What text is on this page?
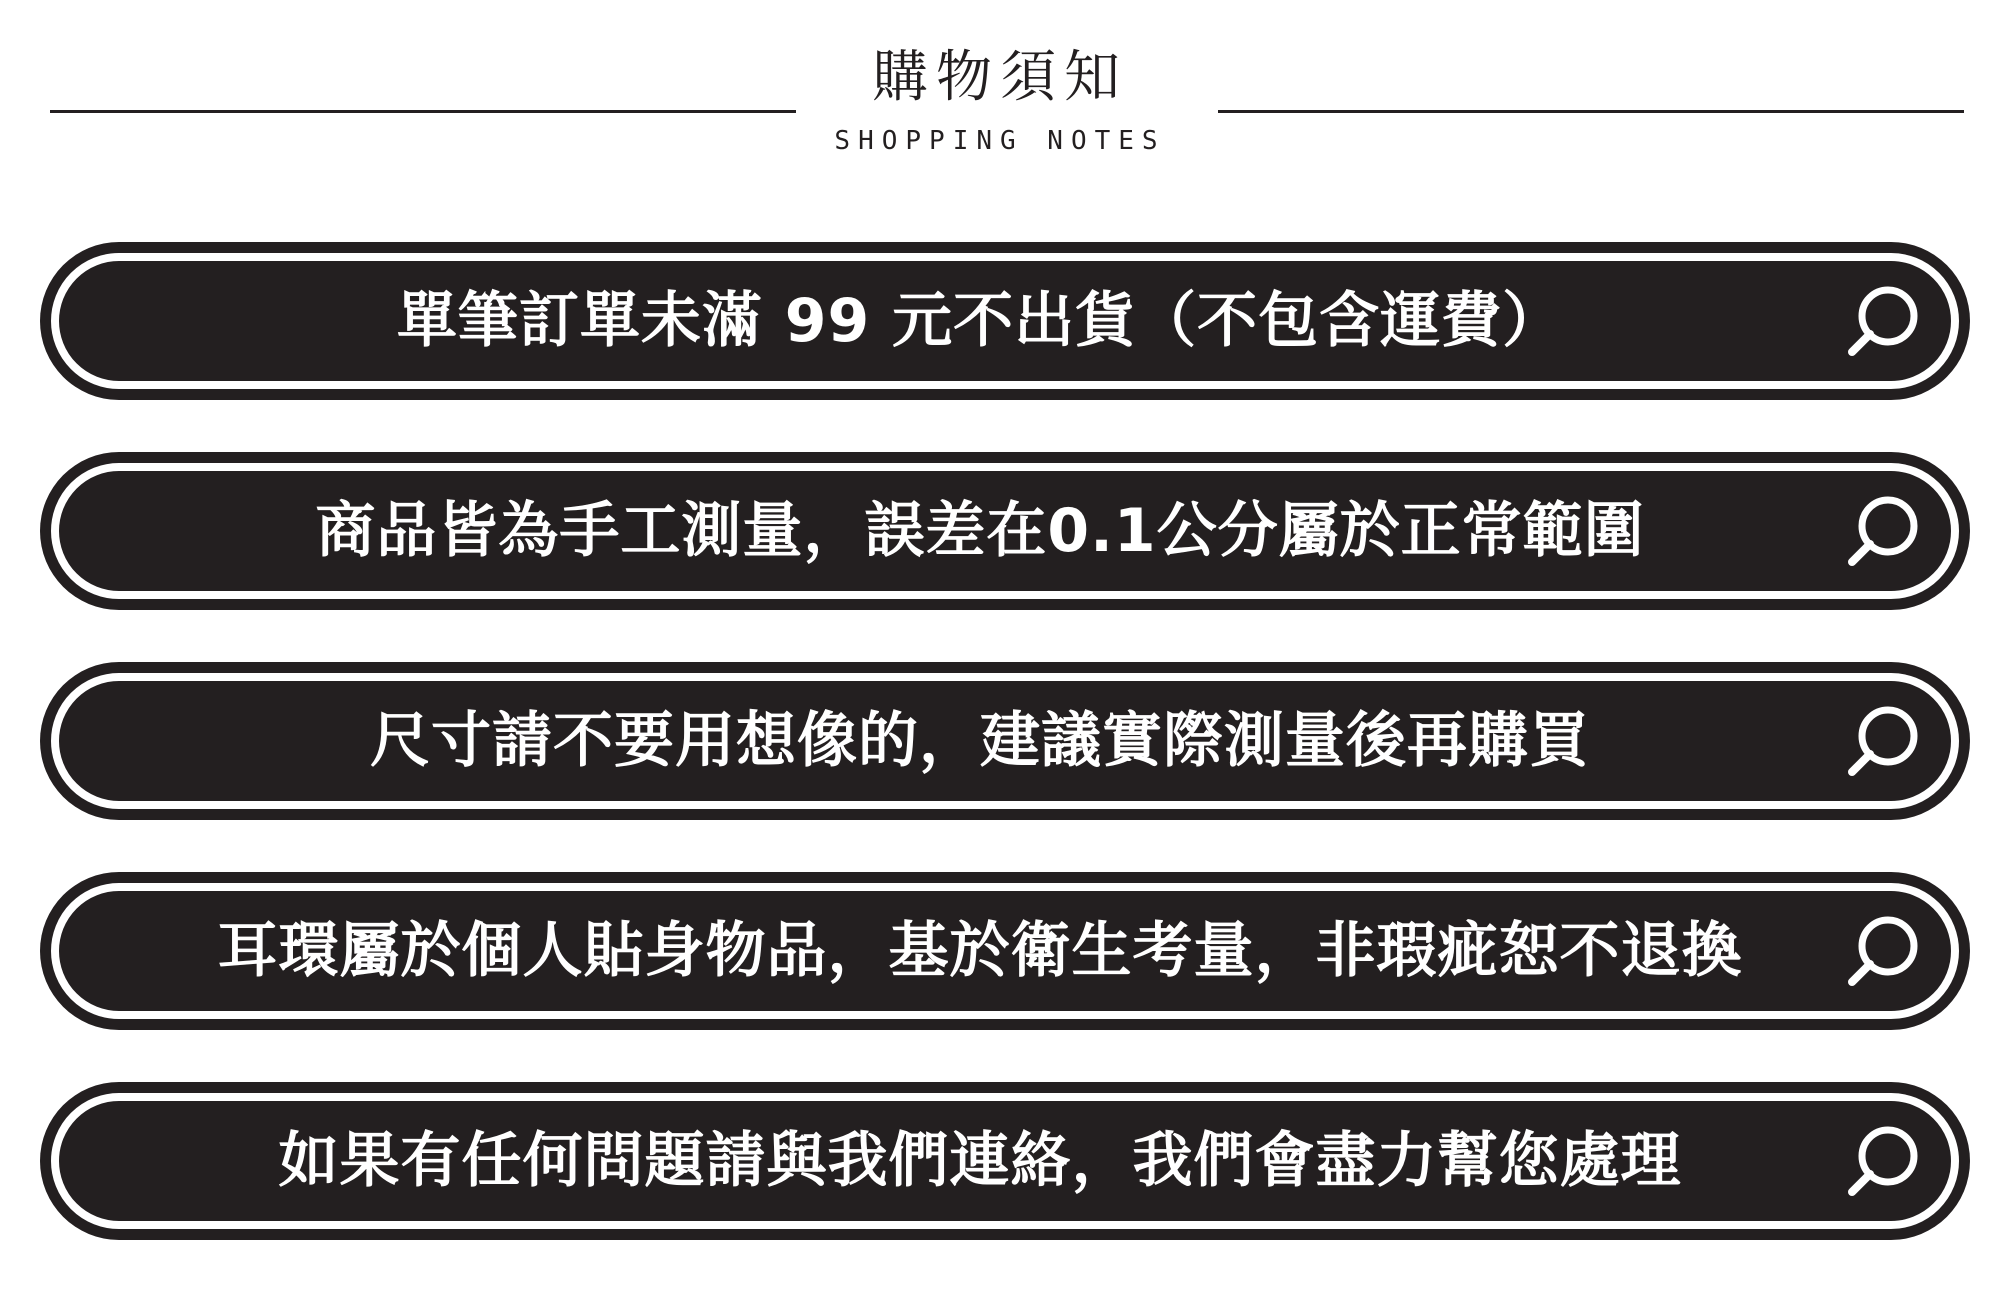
購物須知
SHOPPING NOTES
單筆訂單未滿 99 元不出貨（不包含運費）
商品皆為手工測量，誤差在0.1公分屬於正常範圍
尺寸請不要用想像的，建議實際測量後再購買
耳環屬於個人貼身物品，基於衛生考量，非瑕疵恕不退換
如果有任何問題請與我們連絡，我們會盡力幫您處理
